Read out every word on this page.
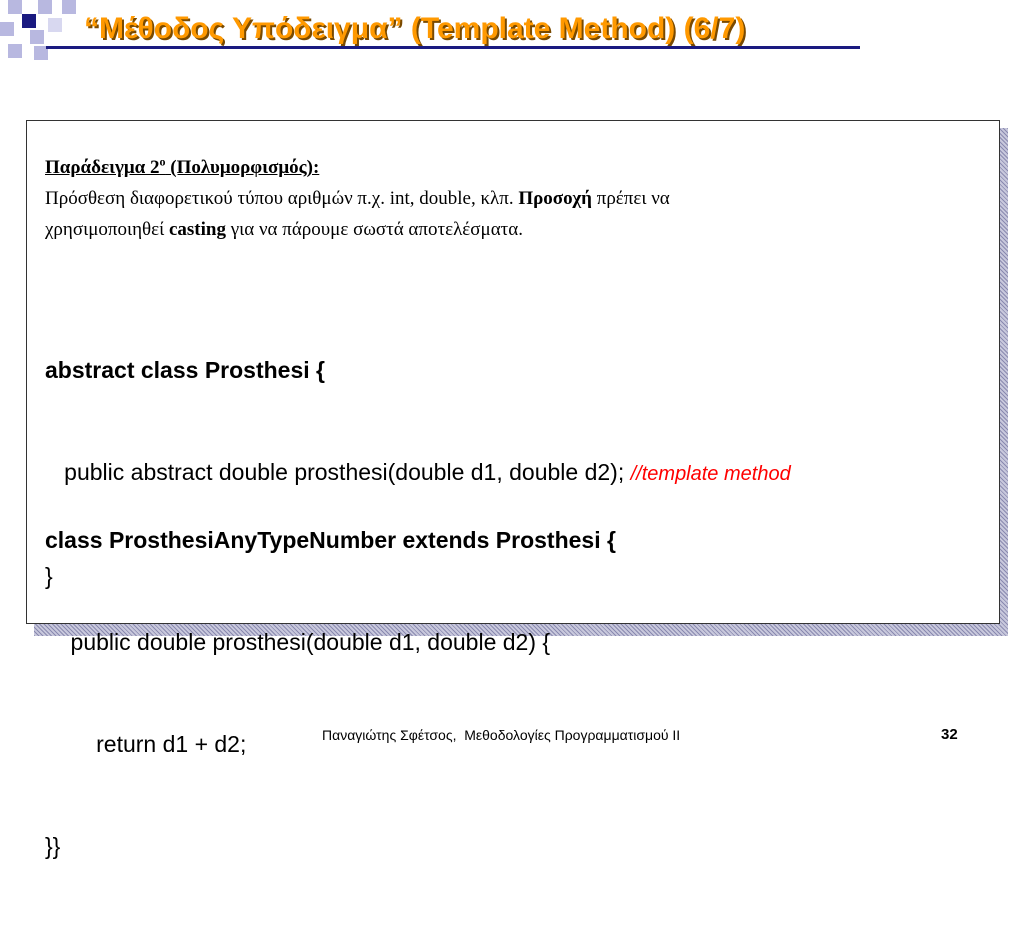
“Μέθοδος Υπόδειγμα” (Template Method) (6/7)
Παράδειγμα $2^o$ (Πολυμορφισμός):
Πρόσθεση διαφορετικού τύπου αριθμών π.χ. int, double, κλπ. Προσοχή πρέπει να
χρησιμοποιηθεί casting για να πάρουμε σωστά αποτελέσματα.

abstract class Prosthesi {

public abstract double prosthesi(double d1, double d2); //template method

}

class ProsthesiAnyTypeNumber extends Prosthesi {

public double prosthesi(double d1, double d2) {

return d1 + d2;

}}

Παναγιώτης Σφέτσος,  Μεθοδολογίες Προγραμματισμού ΙΙ	32
